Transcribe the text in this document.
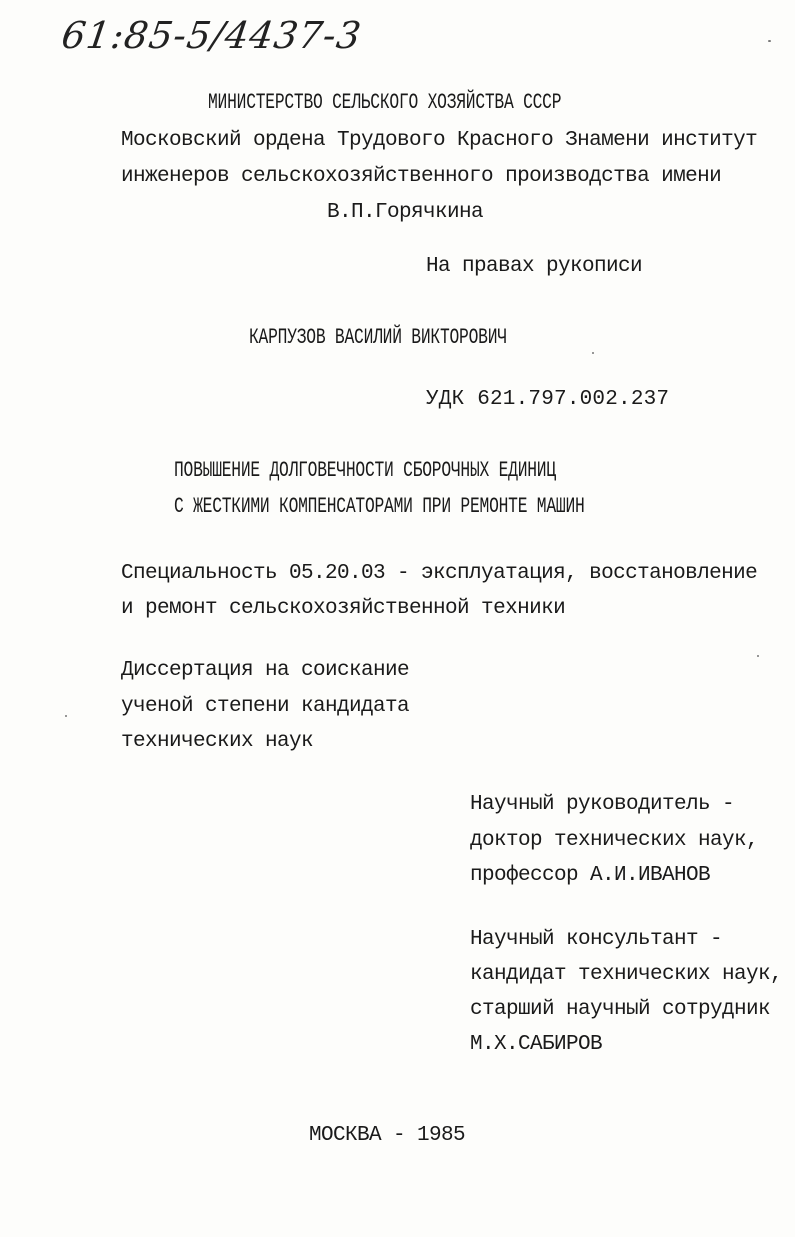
61:85-5/4437-3
МИНИСТЕРСТВО СЕЛЬСКОГО ХОЗЯЙСТВА СССР
Московский ордена Трудового Красного Знамени институт
инженеров сельскохозяйственного производства имени
В.П.Горячкина
На правах рукописи
КАРПУЗОВ ВАСИЛИЙ ВИКТОРОВИЧ
УДК 621.797.002.237
ПОВЫШЕНИЕ ДОЛГОВЕЧНОСТИ СБОРОЧНЫХ ЕДИНИЦ
С ЖЕСТКИМИ КОМПЕНСАТОРАМИ ПРИ РЕМОНТЕ МАШИН
Специальность 05.20.03 - эксплуатация, восстановление
и ремонт сельскохозяйственной техники
Диссертация на соискание
ученой степени кандидата
технических наук
Научный руководитель -
доктор технических наук,
профессор А.И.ИВАНОВ
Научный консультант -
кандидат технических наук,
старший научный сотрудник
М.Х.САБИРОВ
МОСКВА - 1985
